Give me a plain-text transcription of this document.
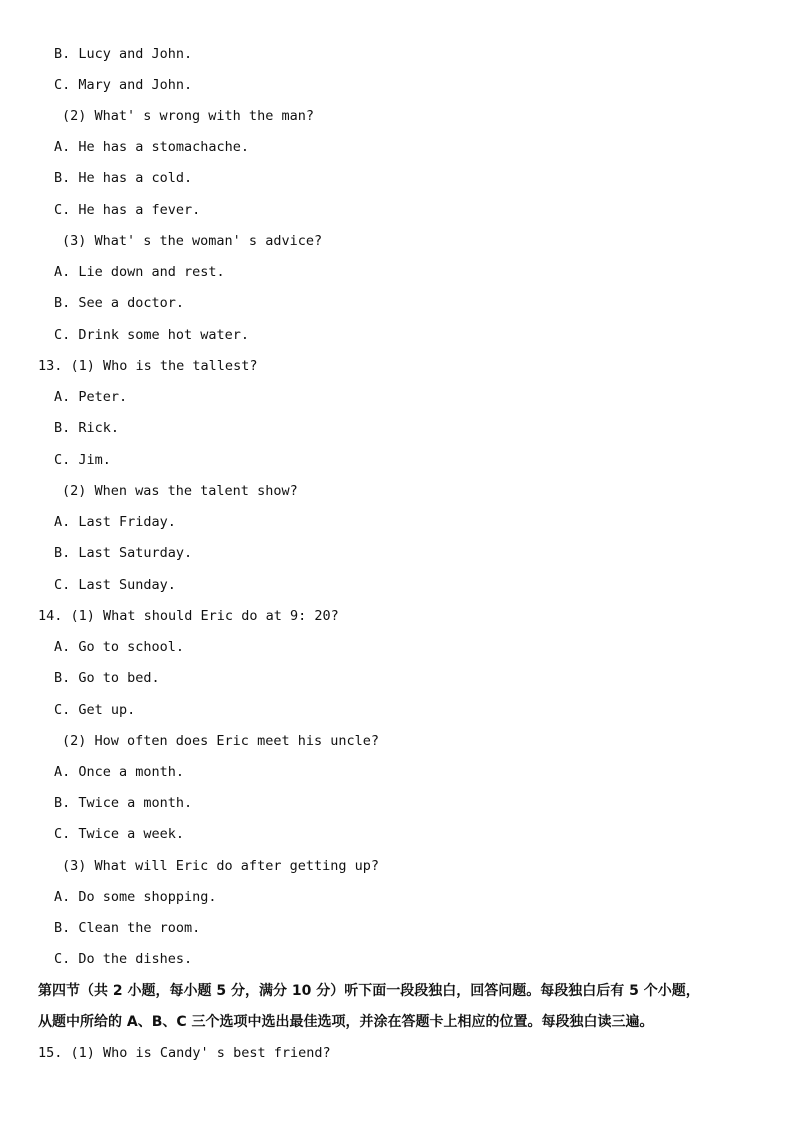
B. Lucy and John.
C. Mary and John.
(2) What' s wrong with the man?
A. He has a stomachache.
B. He has a cold.
C. He has a fever.
(3) What' s the woman' s advice?
A. Lie down and rest.
B. See a doctor.
C. Drink some hot water.
13. (1) Who is the tallest?
A. Peter.
B. Rick.
C. Jim.
(2) When was the talent show?
A. Last Friday.
B. Last Saturday.
C. Last Sunday.
14. (1) What should Eric do at 9: 20?
A. Go to school.
B. Go to bed.
C. Get up.
(2) How often does Eric meet his uncle?
A. Once a month.
B. Twice a month.
C. Twice a week.
(3) What will Eric do after getting up?
A. Do some shopping.
B. Clean the room.
C. Do the dishes.
第四节（共 2 小题，每小题 5 分，满分 10 分）听下面一段段独白，回答问题。每段独白后有 5 个小题，
从题中所给的 A、B、C 三个选项中选出最佳选项，并涂在答题卡上相应的位置。每段独白读三遍。
15. (1) Who is Candy' s best friend?
